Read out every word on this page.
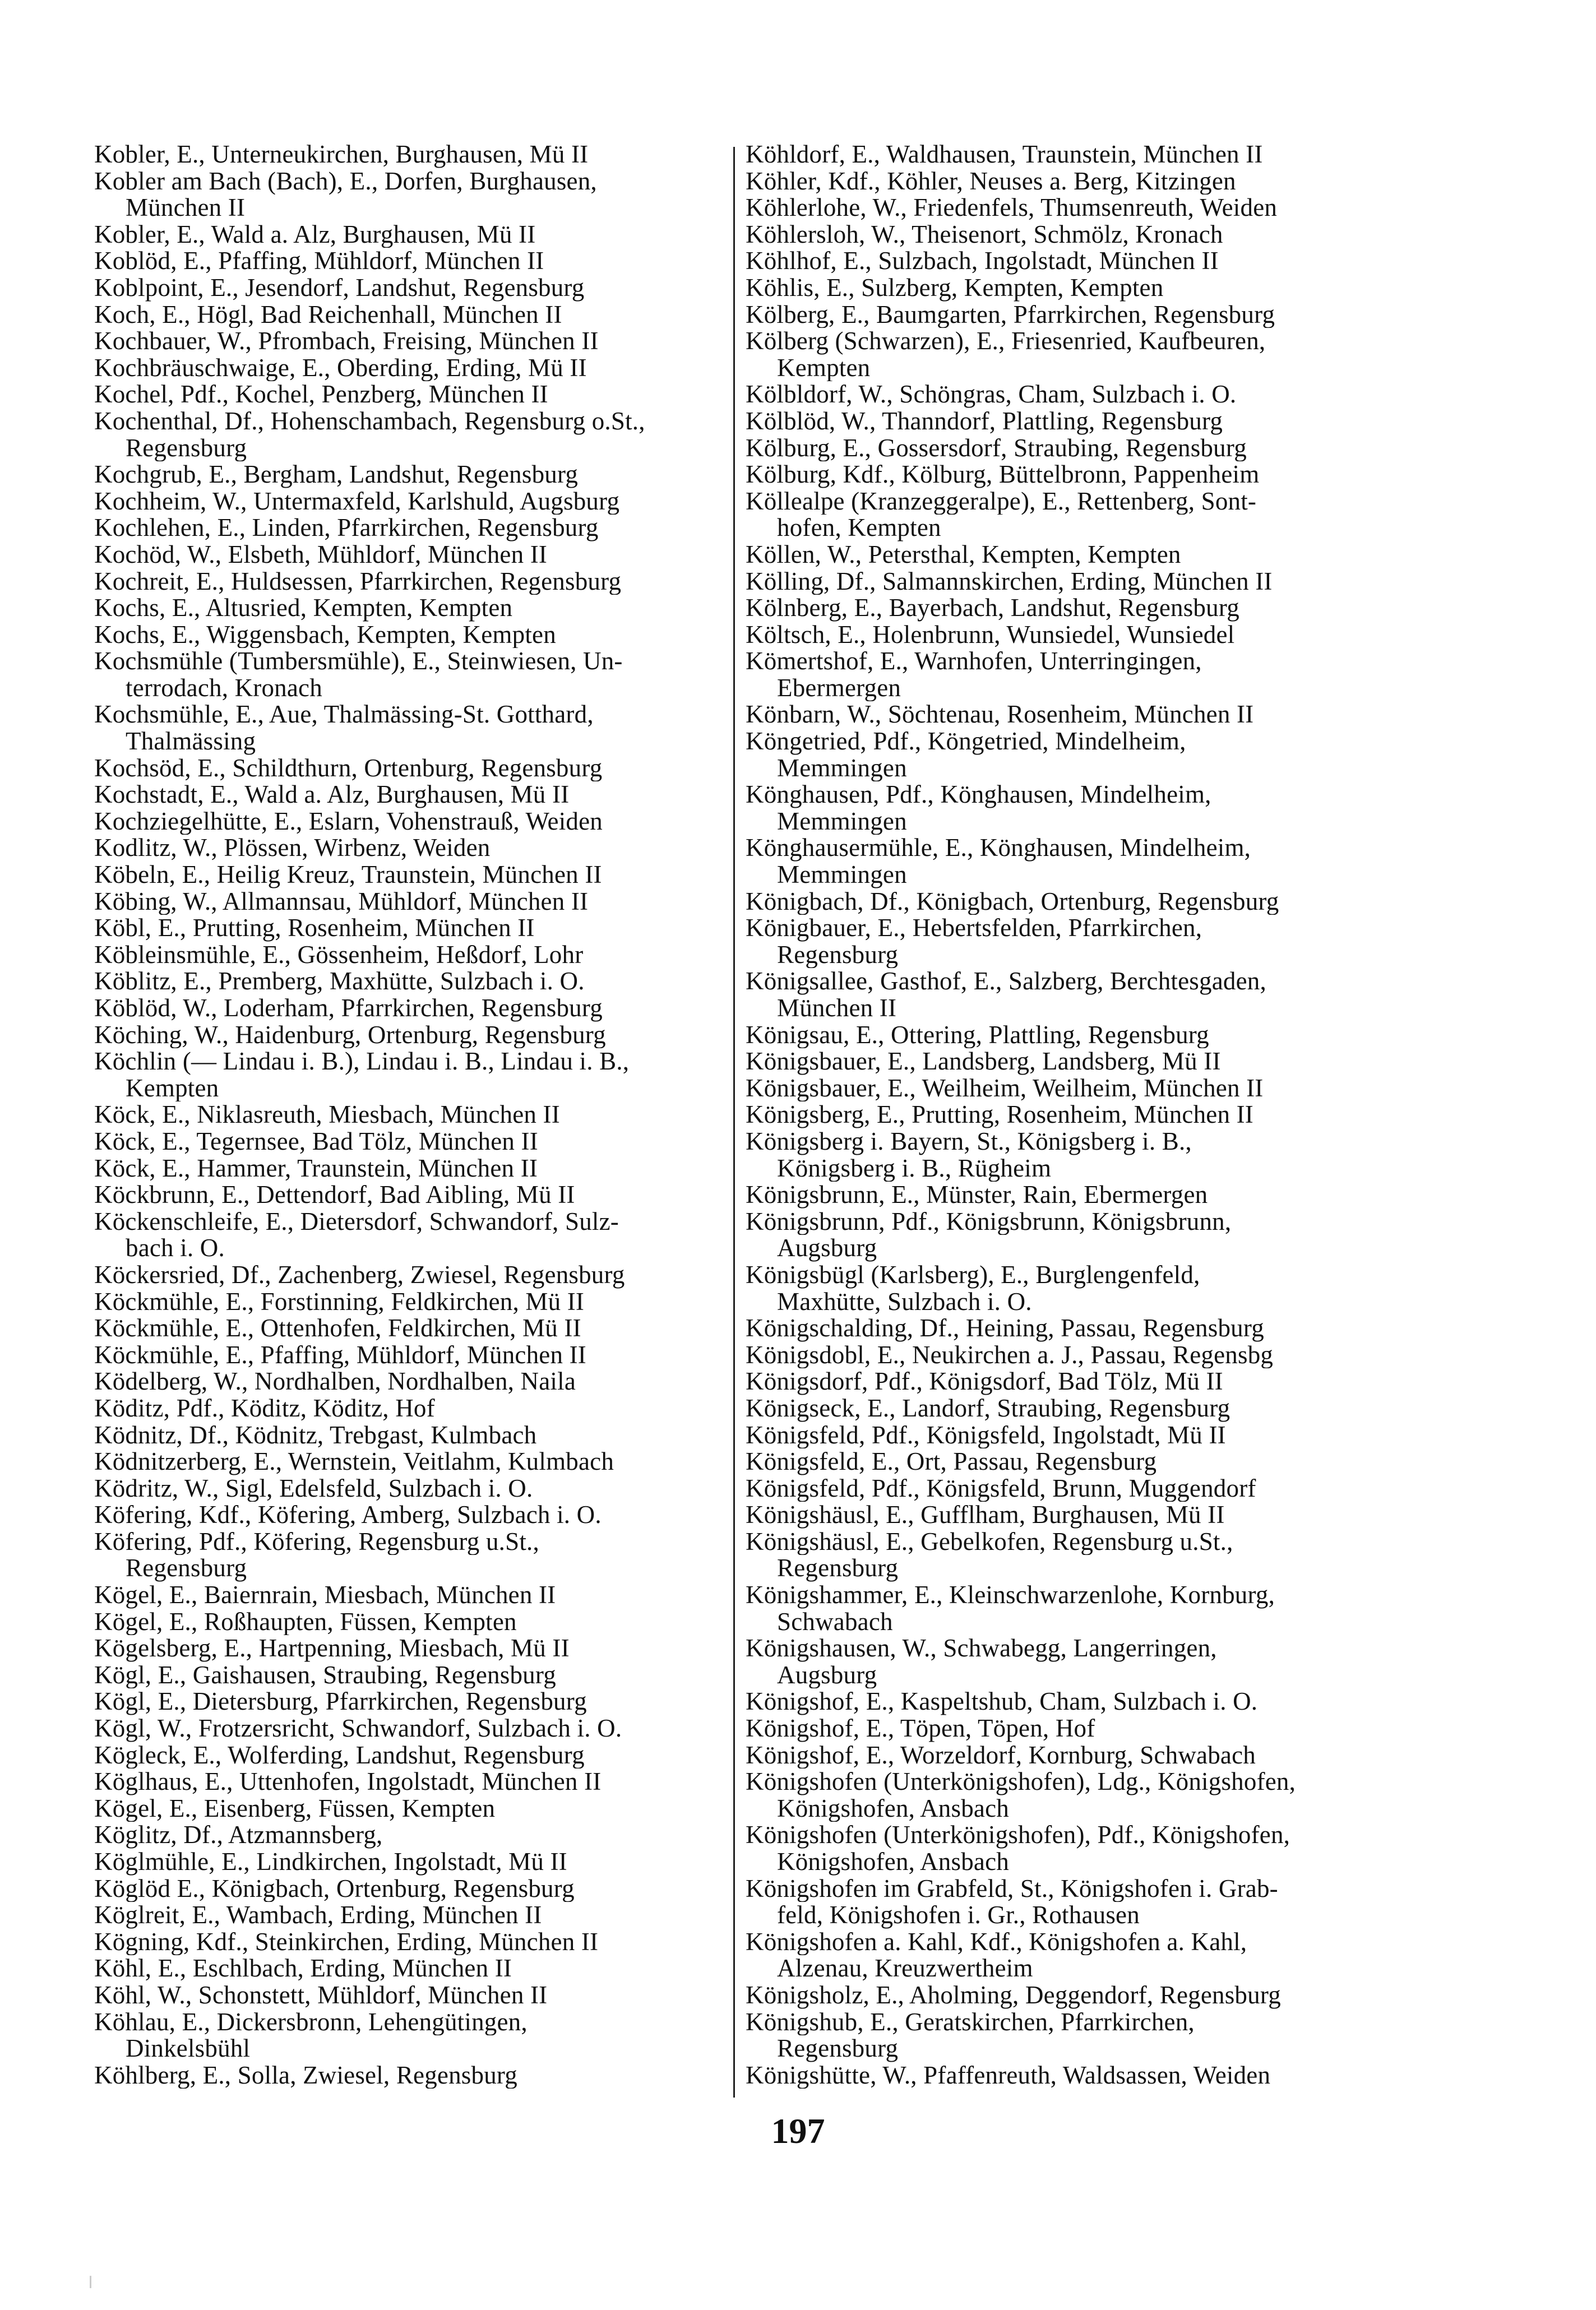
Kobler, E., Unterneukirchen, Burghausen, Mü II
Kobler am Bach (Bach), E., Dorfen, Burghausen,
München II
Kobler, E., Wald a. Alz, Burghausen, Mü II
Koblöd, E., Pfaffing, Mühldorf, München II
Koblpoint, E., Jesendorf, Landshut, Regensburg
Koch, E., Högl, Bad Reichenhall, München II
Kochbauer, W., Pfrombach, Freising, München II
Kochbräuschwaige, E., Oberding, Erding, Mü II
Kochel, Pdf., Kochel, Penzberg, München II
Kochenthal, Df., Hohenschambach, Regensburg o.St.,
Regensburg
Kochgrub, E., Bergham, Landshut, Regensburg
Kochheim, W., Untermaxfeld, Karlshuld, Augsburg
Kochlehen, E., Linden, Pfarrkirchen, Regensburg
Kochöd, W., Elsbeth, Mühldorf, München II
Kochreit, E., Huldsessen, Pfarrkirchen, Regensburg
Kochs, E., Altusried, Kempten, Kempten
Kochs, E., Wiggensbach, Kempten, Kempten
Kochsmühle (Tumbersmühle), E., Steinwiesen, Un-
terrodach, Kronach
Kochsmühle, E., Aue, Thalmässing-St. Gotthard,
Thalmässing
Kochsöd, E., Schildthurn, Ortenburg, Regensburg
Kochstadt, E., Wald a. Alz, Burghausen, Mü II
Kochziegelhütte, E., Eslarn, Vohenstrauß, Weiden
Kodlitz, W., Plössen, Wirbenz, Weiden
Köbeln, E., Heilig Kreuz, Traunstein, München II
Köbing, W., Allmannsau, Mühldorf, München II
Köbl, E., Prutting, Rosenheim, München II
Köbleinsmühle, E., Gössenheim, Heßdorf, Lohr
Köblitz, E., Premberg, Maxhütte, Sulzbach i. O.
Köblöd, W., Loderham, Pfarrkirchen, Regensburg
Köching, W., Haidenburg, Ortenburg, Regensburg
Köchlin (— Lindau i. B.), Lindau i. B., Lindau i. B.,
Kempten
Köck, E., Niklasreuth, Miesbach, München II
Köck, E., Tegernsee, Bad Tölz, München II
Köck, E., Hammer, Traunstein, München II
Köckbrunn, E., Dettendorf, Bad Aibling, Mü II
Köckenschleife, E., Dietersdorf, Schwandorf, Sulz-
bach i. O.
Köckersried, Df., Zachenberg, Zwiesel, Regensburg
Köckmühle, E., Forstinning, Feldkirchen, Mü II
Köckmühle, E., Ottenhofen, Feldkirchen, Mü II
Köckmühle, E., Pfaffing, Mühldorf, München II
Ködelberg, W., Nordhalben, Nordhalben, Naila
Köditz, Pdf., Köditz, Köditz, Hof
Ködnitz, Df., Ködnitz, Trebgast, Kulmbach
Ködnitzerberg, E., Wernstein, Veitlahm, Kulmbach
Ködritz, W., Sigl, Edelsfeld, Sulzbach i. O.
Köfering, Kdf., Köfering, Amberg, Sulzbach i. O.
Köfering, Pdf., Köfering, Regensburg u.St.,
Regensburg
Kögel, E., Baiernrain, Miesbach, München II
Kögel, E., Roßhaupten, Füssen, Kempten
Kögelsberg, E., Hartpenning, Miesbach, Mü II
Kögl, E., Gaishausen, Straubing, Regensburg
Kögl, E., Dietersburg, Pfarrkirchen, Regensburg
Kögl, W., Frotzersricht, Schwandorf, Sulzbach i. O.
Kögleck, E., Wolferding, Landshut, Regensburg
Köglhaus, E., Uttenhofen, Ingolstadt, München II
Kögel, E., Eisenberg, Füssen, Kempten
Köglitz, Df., Atzmannsberg,
Köglmühle, E., Lindkirchen, Ingolstadt, Mü II
Köglöd E., Königbach, Ortenburg, Regensburg
Köglreit, E., Wambach, Erding, München II
Kögning, Kdf., Steinkirchen, Erding, München II
Köhl, E., Eschlbach, Erding, München II
Köhl, W., Schonstett, Mühldorf, München II
Köhlau, E., Dickersbronn, Lehengütingen,
Dinkelsbühl
Köhlberg, E., Solla, Zwiesel, Regensburg
Köhldorf, E., Waldhausen, Traunstein, München II
Köhler, Kdf., Köhler, Neuses a. Berg, Kitzingen
Köhlerlohe, W., Friedenfels, Thumsenreuth, Weiden
Köhlersloh, W., Theisenort, Schmölz, Kronach
Köhlhof, E., Sulzbach, Ingolstadt, München II
Köhlis, E., Sulzberg, Kempten, Kempten
Kölberg, E., Baumgarten, Pfarrkirchen, Regensburg
Kölberg (Schwarzen), E., Friesenried, Kaufbeuren,
Kempten
Kölbldorf, W., Schöngras, Cham, Sulzbach i. O.
Kölblöd, W., Thanndorf, Plattling, Regensburg
Kölburg, E., Gossersdorf, Straubing, Regensburg
Kölburg, Kdf., Kölburg, Büttelbronn, Pappenheim
Köllealpe (Kranzeggeralpe), E., Rettenberg, Sont-
hofen, Kempten
Köllen, W., Petersthal, Kempten, Kempten
Kölling, Df., Salmannskirchen, Erding, München II
Kölnberg, E., Bayerbach, Landshut, Regensburg
Költsch, E., Holenbrunn, Wunsiedel, Wunsiedel
Kömertshof, E., Warnhofen, Unterringingen,
Ebermergen
Könbarn, W., Söchtenau, Rosenheim, München II
Köngetried, Pdf., Köngetried, Mindelheim,
Memmingen
Könghausen, Pdf., Könghausen, Mindelheim,
Memmingen
Könghausermühle, E., Könghausen, Mindelheim,
Memmingen
Königbach, Df., Königbach, Ortenburg, Regensburg
Königbauer, E., Hebertsfelden, Pfarrkirchen,
Regensburg
Königsallee, Gasthof, E., Salzberg, Berchtesgaden,
München II
Königsau, E., Ottering, Plattling, Regensburg
Königsbauer, E., Landsberg, Landsberg, Mü II
Königsbauer, E., Weilheim, Weilheim, München II
Königsberg, E., Prutting, Rosenheim, München II
Königsberg i. Bayern, St., Königsberg i. B.,
Königsberg i. B., Rügheim
Königsbrunn, E., Münster, Rain, Ebermergen
Königsbrunn, Pdf., Königsbrunn, Königsbrunn,
Augsburg
Königsbügl (Karlsberg), E., Burglengenfeld,
Maxhütte, Sulzbach i. O.
Königschalding, Df., Heining, Passau, Regensburg
Königsdobl, E., Neukirchen a. J., Passau, Regensbg
Königsdorf, Pdf., Königsdorf, Bad Tölz, Mü II
Königseck, E., Landorf, Straubing, Regensburg
Königsfeld, Pdf., Königsfeld, Ingolstadt, Mü II
Königsfeld, E., Ort, Passau, Regensburg
Königsfeld, Pdf., Königsfeld, Brunn, Muggendorf
Königshäusl, E., Gufflham, Burghausen, Mü II
Königshäusl, E., Gebelkofen, Regensburg u.St.,
Regensburg
Königshammer, E., Kleinschwarzenlohe, Kornburg,
Schwabach
Königshausen, W., Schwabegg, Langerringen,
Augsburg
Königshof, E., Kaspeltshub, Cham, Sulzbach i. O.
Königshof, E., Töpen, Töpen, Hof
Königshof, E., Worzeldorf, Kornburg, Schwabach
Königshofen (Unterkönigshofen), Ldg., Königshofen,
Königshofen, Ansbach
Königshofen (Unterkönigshofen), Pdf., Königshofen,
Königshofen, Ansbach
Königshofen im Grabfeld, St., Königshofen i. Grab-
feld, Königshofen i. Gr., Rothausen
Königshofen a. Kahl, Kdf., Königshofen a. Kahl,
Alzenau, Kreuzwertheim
Königsholz, E., Aholming, Deggendorf, Regensburg
Königshub, E., Geratskirchen, Pfarrkirchen,
Regensburg
Königshütte, W., Pfaffenreuth, Waldsassen, Weiden
197
